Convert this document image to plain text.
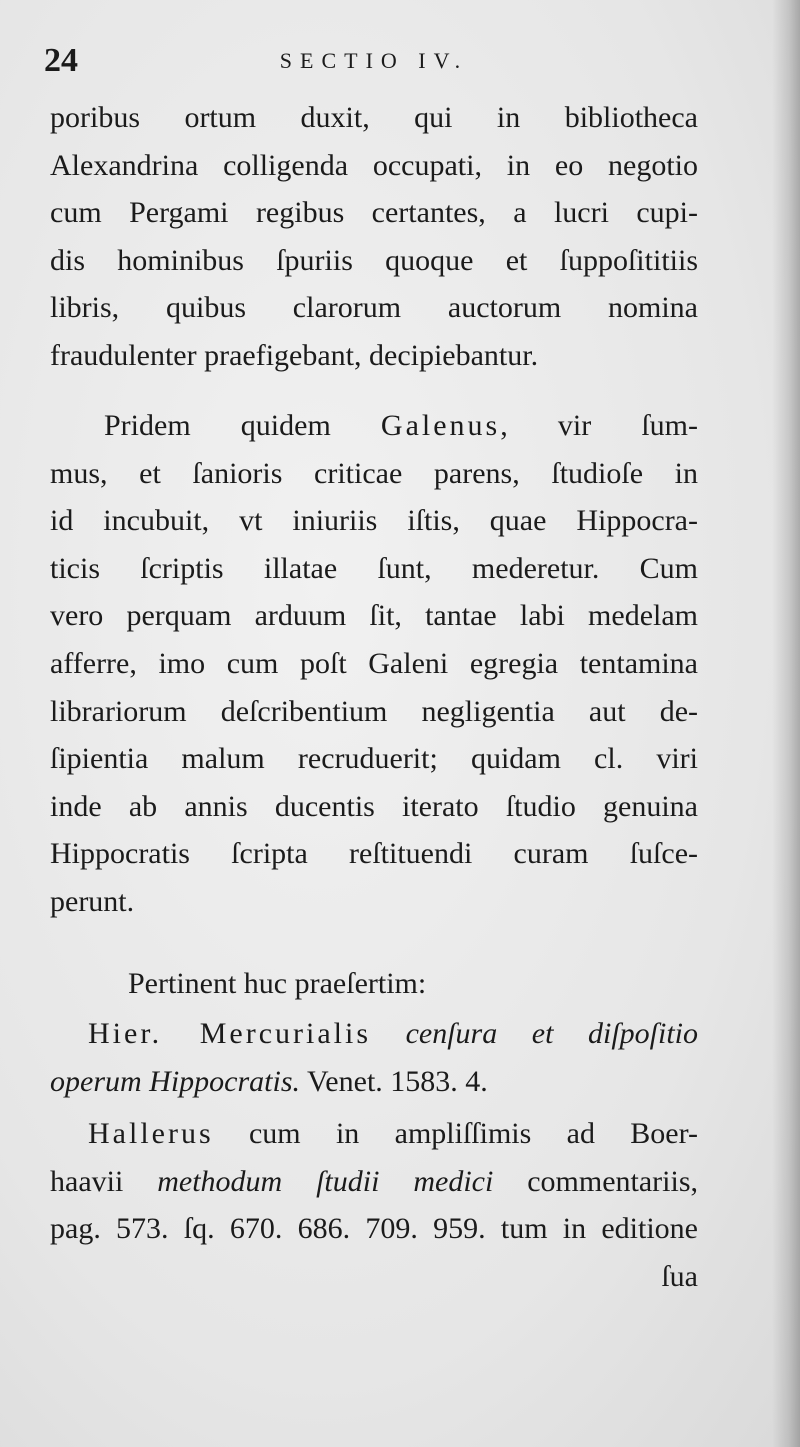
24	SECTIO IV.
poribus ortum duxit, qui in bibliotheca
Alexandrina colligenda occupati, in eo negotio
cum Pergami regibus certantes, a lucri cupi-
dis hominibus ſpuriis quoque et ſuppoſititiis
libris, quibus clarorum auctorum nomina
fraudulenter praefigebant, decipiebantur.
Pridem quidem Galenus, vir ſum-
mus, et ſanioris criticae parens, ſtudioſe in
id incubuit, vt iniuriis iſtis, quae Hippocra-
ticis ſcriptis illatae ſunt, mederetur. Cum
vero perquam arduum ſit, tantae labi medelam
afferre, imo cum poſt Galeni egregia tentamina
librariorum deſcribentium negligentia aut de-
ſipientia malum recruduerit; quidam cl. viri
inde ab annis ducentis iterato ſtudio genuina
Hippocratis ſcripta reſtituendi curam ſuſce-
perunt.
Pertinent huc praeſertim:
Hier. Mercurialis cenſura et diſpoſitio
operum Hippocratis. Venet. 1583. 4.
Hallerus cum in ampliſſimis ad Boer-
haavii methodum ſtudii medici commentariis,
pag. 573. ſq. 670. 686. 709. 959. tum in editione
ſua
